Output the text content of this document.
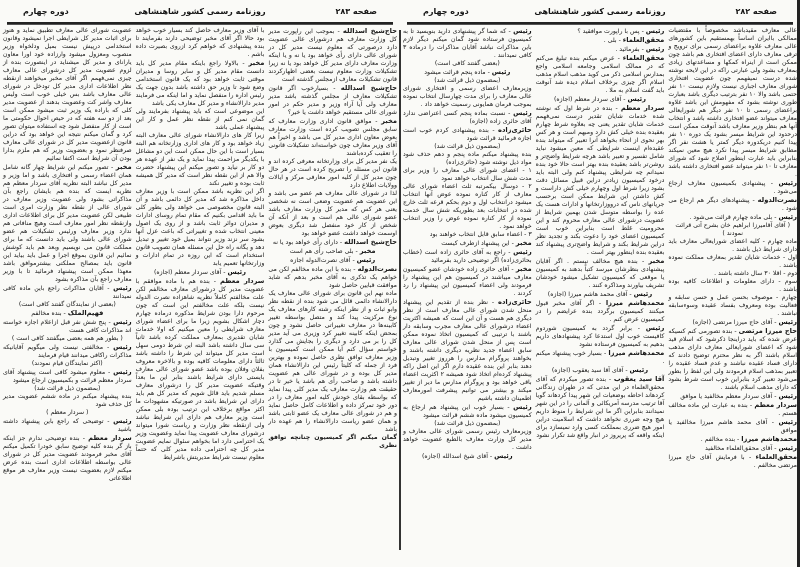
صفحه ۲۸۳
روزنامه رسمی کشور شاهنشاهی
دوره چهارم

حاج‌شیخ اسدالله - بموجب این راپورت مدیر کل وزارت معارف هم درشورای عالی عضویت دارد درصورتی که معلوم نیست مدیر کل در شورای عالی دارای رأی خواهد بود یا نه و یا اینکه وزارت معارف دارای مدیر کل خواهد بود یا نه زیرا تشکیلات وزارت معلوم نیست بعضی اظهارکردند قانون تشکیلات معارف ازمجلس گذشته است

حاج‌شیخ اسدالله - بسیارخوب اگر قانون تشکیلات معارف از مجلس گذشته باشد مدیر معارف ولی آیا آراء وزیر و مدیر حکم در امور شورای عالی مستقیم خواهد داشت یا خیر؟

مخبر - موافق قانون اداری وزارت معارف که سابق مجلس تصویب کرده است وزارت معارف بعوض معاون اداری مدیر کل می باشد و اخیراً هم آقای وزیر معارف چون خواسته‌اند تشکیلات قانونی را تعقیب کرده‌باشند

یک نفر مدیر کل برای وزارتخانه معرفی کرده اند و قانون این مسئله را تصریح کرده است در هر حال چون مدیر کل از کلیه امور معارفی مرکز و ایالات وولایات اطلاع دارد

لذا در شورای عالی معارف هم عضو می باشد و این عضویت هم عضویت وضعی است نه شخصی یعنی هر کس که مدیر کل وزارت معارف باشد عضو شورای عالی هم است و بعد از آنکه آن شخص از کار خود منفصل شد دیگری بعوض اوسمت خواهد داشت عضو خواهد بود

حاج‌شیخ اسدالله - دارای رأی خواهد بود یا نه

مخبر - بلی صاحب رأی هم است

رئیس - آقای نصرت‌الدوله اجازه

نصرت‌الدوله - بنده با این ماده مخالفم لکن می خواهم یک تذکری به آقای مخبر بدهم که شاید موافقت قبایین حاصل شود

ماده نهم این قانون برای شورای عالی معارف یک دارالانشاء دائمی قائل می شود بنده از نقطه نظر وابو ثبات و از نظر اینکه رشته کارهای معارف یک نوع مرکزیت پیدا کند و متصل بواسطه تغییر کابینه‌ها در معارف تغییراتی حاصل نشود و چون بمحض اینکه کابینه تغییر کرد وزیری می آید مدیر کل را بر می دارد و دیگری را بجایش می گذارد خواستم سؤال کنم آیا ممکن است کمیسیون با وزیر معارف توافق نظری حاصل نموده و بهترین فرد از جمله که کلیتاً رئیس این دارالانشاء همان مدیر کل بوده و در شورای عالی هم عضویت داشته باشد و صاحب رأی هم باشد یا خیر تا در حقیقت هم وزارت معارف یک مدیر کلی پیدا نماید که بواسطه بقای خودش کلیه امور معارف را در دور خود تمرکز داده و اطلاعات کامل حاصل نماید و هم در شورای عالی معارف یک عضو ثابتی باشد و همان عضو ریاست دارالانشاء را هم عهده دار باشد

گمان میکنم اگر کمیسیون چنانچه توافق نظری

با آقای وزیر معارف حاصل کند بسیار خوب خواهد بود حالا اگر آقای مخبر توضیحی دارند بفرمایند تا بنده پیشنهادی که خواهم کرد ازروی بصیرت داده باشم .

مخبر - بالاولا راجع باینکه مقام مدیر کل باید دانست مقام مدیر کل و سایر روسا و مدیران موقتی ثابت خواهد بود که یک قانون استخدامی وضع شود تا وزیر حق داشته باشد بدون جهت یک رئیس اداره را منفصل نماید و اما اینکه می فرمایند مدیر دارالانشاء و مدیر کل معارف یکی باشد

این موضوعی است که باید پیشنهاد بفرمایند ولی گمان نمی کنم از نقطه نظر عمل و کار این پیشنهاد عملی باشد

زیرا کار های دارالانشاء شورای عالی معارف البته زیاد خواهد بود و کار های اداری وزارتخانه هم البته بسیار است با این حال ممکن است این دو مشاغل با یکدیگر مزاحمت پیدا نماید و یک نفر از عهده هر دو کار بر نیاید و تصور میکنم این پیشنهاد حضرت والا هم از این نقطه نظر است که مدیر کل همیشه ثابت بوده و تغییر نکند

اگر این نظریه باشد ممکن است با وزیر معارف داخل مذاکره شد که مدیر کل دائمی باشد و آن البته قانون مخصوصی می خواهد ولی بطور کلی ما باید اقدامی بکنیم که مقام تمام روسای ادارات و مدیران دوائر ثابت باشد و از روی یک اصول معینی انتخاب شده و تغییراتی که باعث عزل آنها بشود سر نزند وزیر نتواند بمیل خود تغییر و تبدیل دهد و یگانه راه حل این مسئله همان تصویب قانون استخدام است که این روزه در تمام ادارات و وزارتخانها تعمیم یابد

رئیس - آقای سردار معظم (اجازه)

سردار معظم - بنده هم با ماده موافقم با عضویت مدیر کل درشورای معارف مخالفم لکن علت مخالفتم کاملاً نظریه شاهزاده نصرت الدوله نیست بلکه علت مخالفتم این است که چون مرحوم دارا بودن شرایط مذکوره درماده چهارم دچار اشکال بشویم زیرا ما برای اعضاء شورای معارف شرایطی را معین میکنیم که اولا خدمات شایان تقدیری بمعارف مملکت کرده باشد ثانیاً سی سال داشته باشد البته این شرط دومی سهل است مدیر کل میتواند این شرط را داشته باشد ثالثاً دارای معلومات کافیه بوده و بالاخره معروف بفلان وفلان بوده باشد عضو شورای عالی معارف بایستی دارای شرایط باشند بنابر این ما بعداً وقتیکه عضویت مدیر کل را درشورای معارف مسلم شدیم باید قائل شویم که مدیر کل هم باید دارای این شرایط باشد در صورتیکه مشهودات ما اکثر مواقع برخلاف این ترتیب بوده بلی ممکن است وزیر معارف هم دارای این شرایط نباشد ولی ازنقطه نظر وزارت و ریاست شورا میتواند درشورای معارف عضویت پیدا نماید وعضویت وزیر یک احترامی دارد اما بخواهم سئوال نمایم عضویت مدیر کل چه احترامی داده مدیر کلی که حتماً معلوم نیست شرایط مدیریتش باشرایط

عضویت شورای عالی معارف تطبیق نماید و هنوز برای اثبات مدیر کل شرایطی اجرا نمیشود وقانون استخدامی درپیش نیست بمیل ودلخواه وزیر منصوب ومعزول میشود وارزاده خود اورا معاون یارانای و مدیر کل میشناید در اینصورت بنده از لزوم عضویت مدیر کل درشورای عالی معارف چیزی نمی‌فهمم اگر آقای مخبر میخواهند ازنقطه نظر اطلاعات اداری مدیر کل تودخل در شورای عالی معارف باشد بس خیلی خوب است ولیس معارف واشر کت وعضویت بدهند از عضویت مدیر کلی که باراده یک وزیر ثبت میشود ممکن است بعد از دو سه هفته که در حیص احوال حکومتی ما است از کار منفصل شود چه استفاده میتوان تصور کرد و گمان میکنم نتیجه این خواهد بود که دراین قانون ازعضویت مدیر کل در شورای عالی معارف صرفنظر نمود و بعضویت وزیر که هم ملزم بدارا بودن آن شرایط است اکتفا نمائیم

مخبر - تصور میکنم این شرایط چهار گانه شامل همان اعضاء رسمی و افتخاری باشد و اما وزیر و مدیر کل نباشد البته نظریه آقای سردار معظم هم نظریه ایست که بنده هم بایشان راجع بآن مذاکراتی بشود ولی عضویت وزیر معارف در شورای عالی از نقطه نظر وزارت امری است طبیعی لکن عضویت مدیر کل برای اطلاعات اداری وازنقطه نظر امور معارف است وهیچ منافاتی هم ندارد وزیر معارف ورئیس تشکیلات هم عضو شورای عالی باشند ولی باید دانست که ما برای مملکت قانون می نویسیم وبعد هم باید کوشش نمائیم این قانون بموقع اجرا و عمل باید بیاید این قانون باید بمصالح مملکتی بیشترموافق باشد معهذا ممکن است پیشنهاد فرمائید تا با وزیر معارف راجع بآن مذاکره بشود

رئیس - آقایان مذاکرات راجع باین ماده کافی نمیدانند

(بعضی از نمایندگان گفتند کافی است)

فهیم‌الملک - بنده مخالفم

رئیس - پنج شش نفر قبل ازاعلام اجازه خواسته اند مذاکرات کافی هست

( بطور هم همه بعضی میگفتند کافی است )

رئیس - مخالفتی نیست ولی میگویم آقایانیکه مذاکرات راکافی میدانند قیام فرمایند

(اکثر نمایندگان قیام نمودند)

رئیس - معلوم میشود کافی است پیشنهاد آقای سردار معظم قرائت و بکمیسیون ارجاع میشود

(بمضمون ذیل قرائت شد)

بنده پیشنهاد میکنم در ماده ششم عضویت مدیر کل حذف شود

( سردار معظم )

رئیس - توضیحی که راجع باین پیشنهاد داشته باشید

سردار معظم - بنده توضیحی ندارم جز اینکه باز گر بنده کلیه توضیح سابق خودرا تکمیل میکنم آقای مخبر فرمودند عضویت مدیر کل در شورای عالی بواسطه اطلاعات اداری است بنده عرض میکنم لازم بعضویت نیست وزیر معارف هر موقع اطلاعاتی

صفحه ۲۸۲
روزنامه رسمی کشور شاهنشاهی
دوره چهارم

عالی معارف مقیدباشد مخصوصاً با مقتضیات ممالکی باایران اساساً بهمستقیم باین کشورهای عالی معارف علاوه براعضای رسمی برای ترویج و ترقی معارف دارای اعضای افتخاری هم باشد چون ممکن است از اینراه کمکها و مساعدتهای زیادی بمعارف بشود ولی عبارتی راکه در این لایحه نوشته شده درست نمیفهمم چون عضویت افتخاری شورای معارف اجباری نیست ولازم نیست ۱۰ نفر حتمی باشد والا ۱۰ نفر بترتیب دیگری باشد بعبارت طوری نوشته بشود که مفهومش این باشد علاوه براعضای رسمی تا ۱۰ نفر دیگر هم شورایعالی معارف میتواند عضو افتخاری داشته باشد و انتخاب آنها هم بنظر وزیر معارف باشد آنوقت ممکن است درحدود این شرایط میسر بشود یک دوره ۱۰ نفر پیدا کنیم دریکدوره دیگر کمتر یا هشت نفر اگر مطابق شرایط میسر پیدا نکرد هیچ معین نمیکند بنابراین باید عبارت اینطور اصلاح شود که شورای معارف تا ۱۰ نفر میتواند عضو افتخاری داشته باشد

رئیس - پیشنهادی بکمیسیون معارف ارجاع می‌شود .

نصرت‌الدوله - پیشنهادهای دیگر هم ارجاع می شود .

رئیس - بلی ماده چهارم قرائت می‌شود .

( آقای آقامیرزا ابراهیم خان بشرح آتی قرائت نمودند )

ماده چهارم - کلیه اعضای شورایعالی معارف باید دارای شرایط ذیل باشند .

اول - خدمات شایان تقدیر بمعارف مملکت نموده باشند .

دوم - اقلا ۳۰ سال داشته باشند .

سوم - دارای معلومات و اطلاعات کافیه بوده باشند .

چهارم - موصوف بحسن عمل و حسن سابقه و فعالیت بوده ومعروف بفساد عقیده وسوءسابقه نباشند .

رئیس - آقای حاج میرزا مرتضی (اجازه)

حاج میرزا مرتضی - بنده تصورمی کنم کسیکه عرض شده که باید دراینجا ذکرشود که اسلام قید شود که اعضای شورایعالی معارف دارای مذهب اسلام باشند اگر به نظر محترم توضیح دادند که دارای فساد عقیده نباشند و عدم فساد عقیده را تعبیر بمذهب اسلام فرمودند ولی این لفظ را بطور می‌شود تعبیر کرد بنابراین خوب است شرط بشود که دارای مذهب اسلام باشند .

رئیس - آقای سردار معظم مخالفید یا موافق

سردار معظم - بنده به عبارت این ماده مخالف هستم .

رئیس - آقای محمد هاشم میرزا مخالفید یا موافق

محمدهاشم میرزا - بنده مخالفم .

رئیس - آقای محقق‌العلماء مخالفید

محقق‌العلماء - با فرمایش آقای حاج میرزا مرتضی مخالفم .

رئیس - پس با راپورت موافقید ؟

محقق‌العلماء - بلی .

رئیس - بفرمائید .

محقق‌العلماء - عرض میکنم بنده تبلیغ می‌کنم که در ممالک اسلامی وجامعه اسلامی واجع بمدارس اسلامی ذکر می کوید مذهب اسلام مذهب اسلام اگر چیزی برخلاف اسلام دیده شد آنوقت باید گفت اسلام به ملا .

رئیس - آقای سردار معظم (اجازه)

سردار معظم - بنده در شرط اول که نوشته شده خدمات شایان تقدیر درست نمی‌فهمم خدمات شایان تقدیر یعنی چه بعلاوه شرط چهارم بعقیده بنده خیلی کش دارد ومبهم است و هر کس بهر نحوی از انحاء بخواهد آنرا تعبیر که میتواند بنده عقیده‌ام اینست شرایطی که معین میشود نباید شامل تفسیر و تعبیر باشد هرچه شرایط واضح‌تر و روشن‌تر باشد بعقیده بنده بهتر است حالا خود بنده نمیدانم چه شرایطی پیشنهاد کنم ولی البته باید درخود کمیسیون زیادتر دراین قبیل مسائل دقت بشود زیرا شرط اول وچهارم خیلی کش داراست و کش داشتن این شرایط ممکن است برحسب جریانهای ناس که درووزارتخانها و ادارات هست یک عده را بواسطه متوسل شدن بهمین شرایط از عضویت درشورای عالی معارف محروم کند و این محرومیت غلط است بنابراین خوب است کمیسیون اعضای خود را دعوت بکند و تجدید نظر دراین شرایط بکند و شرایط واضح‌تری پیشنهاد کند بعقیده بنده اینطور بهتر است .

مخبر - بنده هیچ مخالف نیستم . اگر آقایان پیشنهادی بنظرشان میرسد کتباً بدهند به کمیسیون یا موقعی که کمیسیون تشکیل میشود خودشان تشریف بیاورند ومذاکره کنند .

رئیس - آقای محمد هاشم میرزا (اجازه)

محمدهاشم میرزا - اگر آقای مخبر قبول میکنند کمیسیون برگردد بنده عرایضم را در کمیسیون عرض کنم .

رئیس - برابر گردد به کمیسیون شوردوم کافیست خوب اول استدعا کرد پیشنهادهای داریم بدهیم به کمیسیون فرستاده نشود

محمدهاشم میرزا - بسیار خوب پیشنهاد میکنم .

رئیس - آقای آقا سید یعقوب (اجازه)

آقا سید یعقوب - بنده تصور میکردم که آقای محقق‌العلماء در این مدتی که در طهران زندگانی کردهاند احاطه بوضعیات این شهر پیدا کردهاند گویا آقا ترتیب مدرسه آمریکائی و آلمانی را در این شهر نمیدانند بنابراین اگر ما این شرایط را منوط داریم هیچ وجه ضرری نخواهد داشت که اسلامیت دراین امور هیچ ضرری بمملکت کسی وارد نمیسازد برای اینکه واقعه که پریروز در انبار واقع شد تکرار نشود

رئیس - که شما گر پیشنهادی دارید بنویسید تا به کمیسیون فرستاده شود گمان میکنم دیگر لازم باین مذاکرات نباشد آقایان مذاکرات را درماده ۳ کافی نمیدانند .

(بعضی گفتند کافی است)

رئیس - ماده پنجم قرائت میشود

(بمضمون ذیل قرائت شد)

وزیرمعارف اعضای رسمی و افتخاری شورای عالی معارف را برای مدت چهارسال انتخاب نموده بموجب فرمان همایونی رسمیت خواهد داد .

رئیس - نسبت بماده پنجم کسی اعتراضی ندارد آقای حائری زاده (اجازه)

حائری‌زاده - بنده پیشنهادی کردم خوب است اجازه فرمائید قرائت شود

(بمضمون ذیل قرائت شد)

بنده پیشنهاد میکنم ماده پنجم و دهم حذف شود مواد ذیل نوشته شود (حائری‌زاده)

۱ - اعضای شورای عالی معارف را وزیر برای مدت شش سال انتخاب خواهد نمود

۲ - دوسال بیکمرتبه ثلث اعضاء شورای عالی معارف از کار کناره نموده عوض آنها انتخاب میشود درانتخاب اول و دوم بحکم قرعه ثلث خارج شده در انتخابات بعد بطوریکه شش سال خدمت نموده از کار کناره نموده عوض را وزیر انتخاب خواهد نمود .

۳ - اعضاء سابق قابل انتخاب خواهند بود

مخبر - این پیشنهاد ازطرف کیست

رئیس - راجع به آقای حائری زاده است (خطاب بحائری‌زاده) اگر توضیحی دارید بفرمائید

مخبر - آقای حائری زاده خودشان عضو کمیسیون معارف میباشند در کمیسیون هم این پیشنهاد را فرمودند ولی اعضاء کمیسیون این پیشنهاد را رد کردند .

حائری‌زاده - نظر بنده از تقدیم این پیشنهاد منحل شدن شورای عالی معارف است از نظر دیگری هم هست و آن این است که همیشه اکثریت اعضاء درشورای عالی معارف مجرب وسابقه دار باشند با ترتیبی که کمیسیون اتخاذ نموده ممکن است پس از منحل شدن شورای عالی معارف سابق اعضاء جدید نظریه دیگری داشته باشند و بخواهند پروگرام مدارس را هرروز تغییر وتبدیل دهند بنابر این بنده عقیده دارم اگر این اصل راکه پیشنهاد کرده‌ام اتخاذ شود همیشه ۲ اکثریت اعضاء باقی خواهد بود و پروگرام مدارس ما دیر از تغییر میکند و بیشتر می توانیم پیشرفت امورمعارف اطمینان داشته باشیم

رئیس - بسیار خوب این پیشنهاد هم ارجاع به کمیسیون میشود ماده ششم قرائت میشود

(بمضمون ذیل قرائت شد)

وزیرمعارف رئیس رسمی شورای عالی معارف و مدیر کل وزارت معارف بالطبع عضویت خواهد داشت .

رئیس - آقای شیخ اسدالله (اجازه)
